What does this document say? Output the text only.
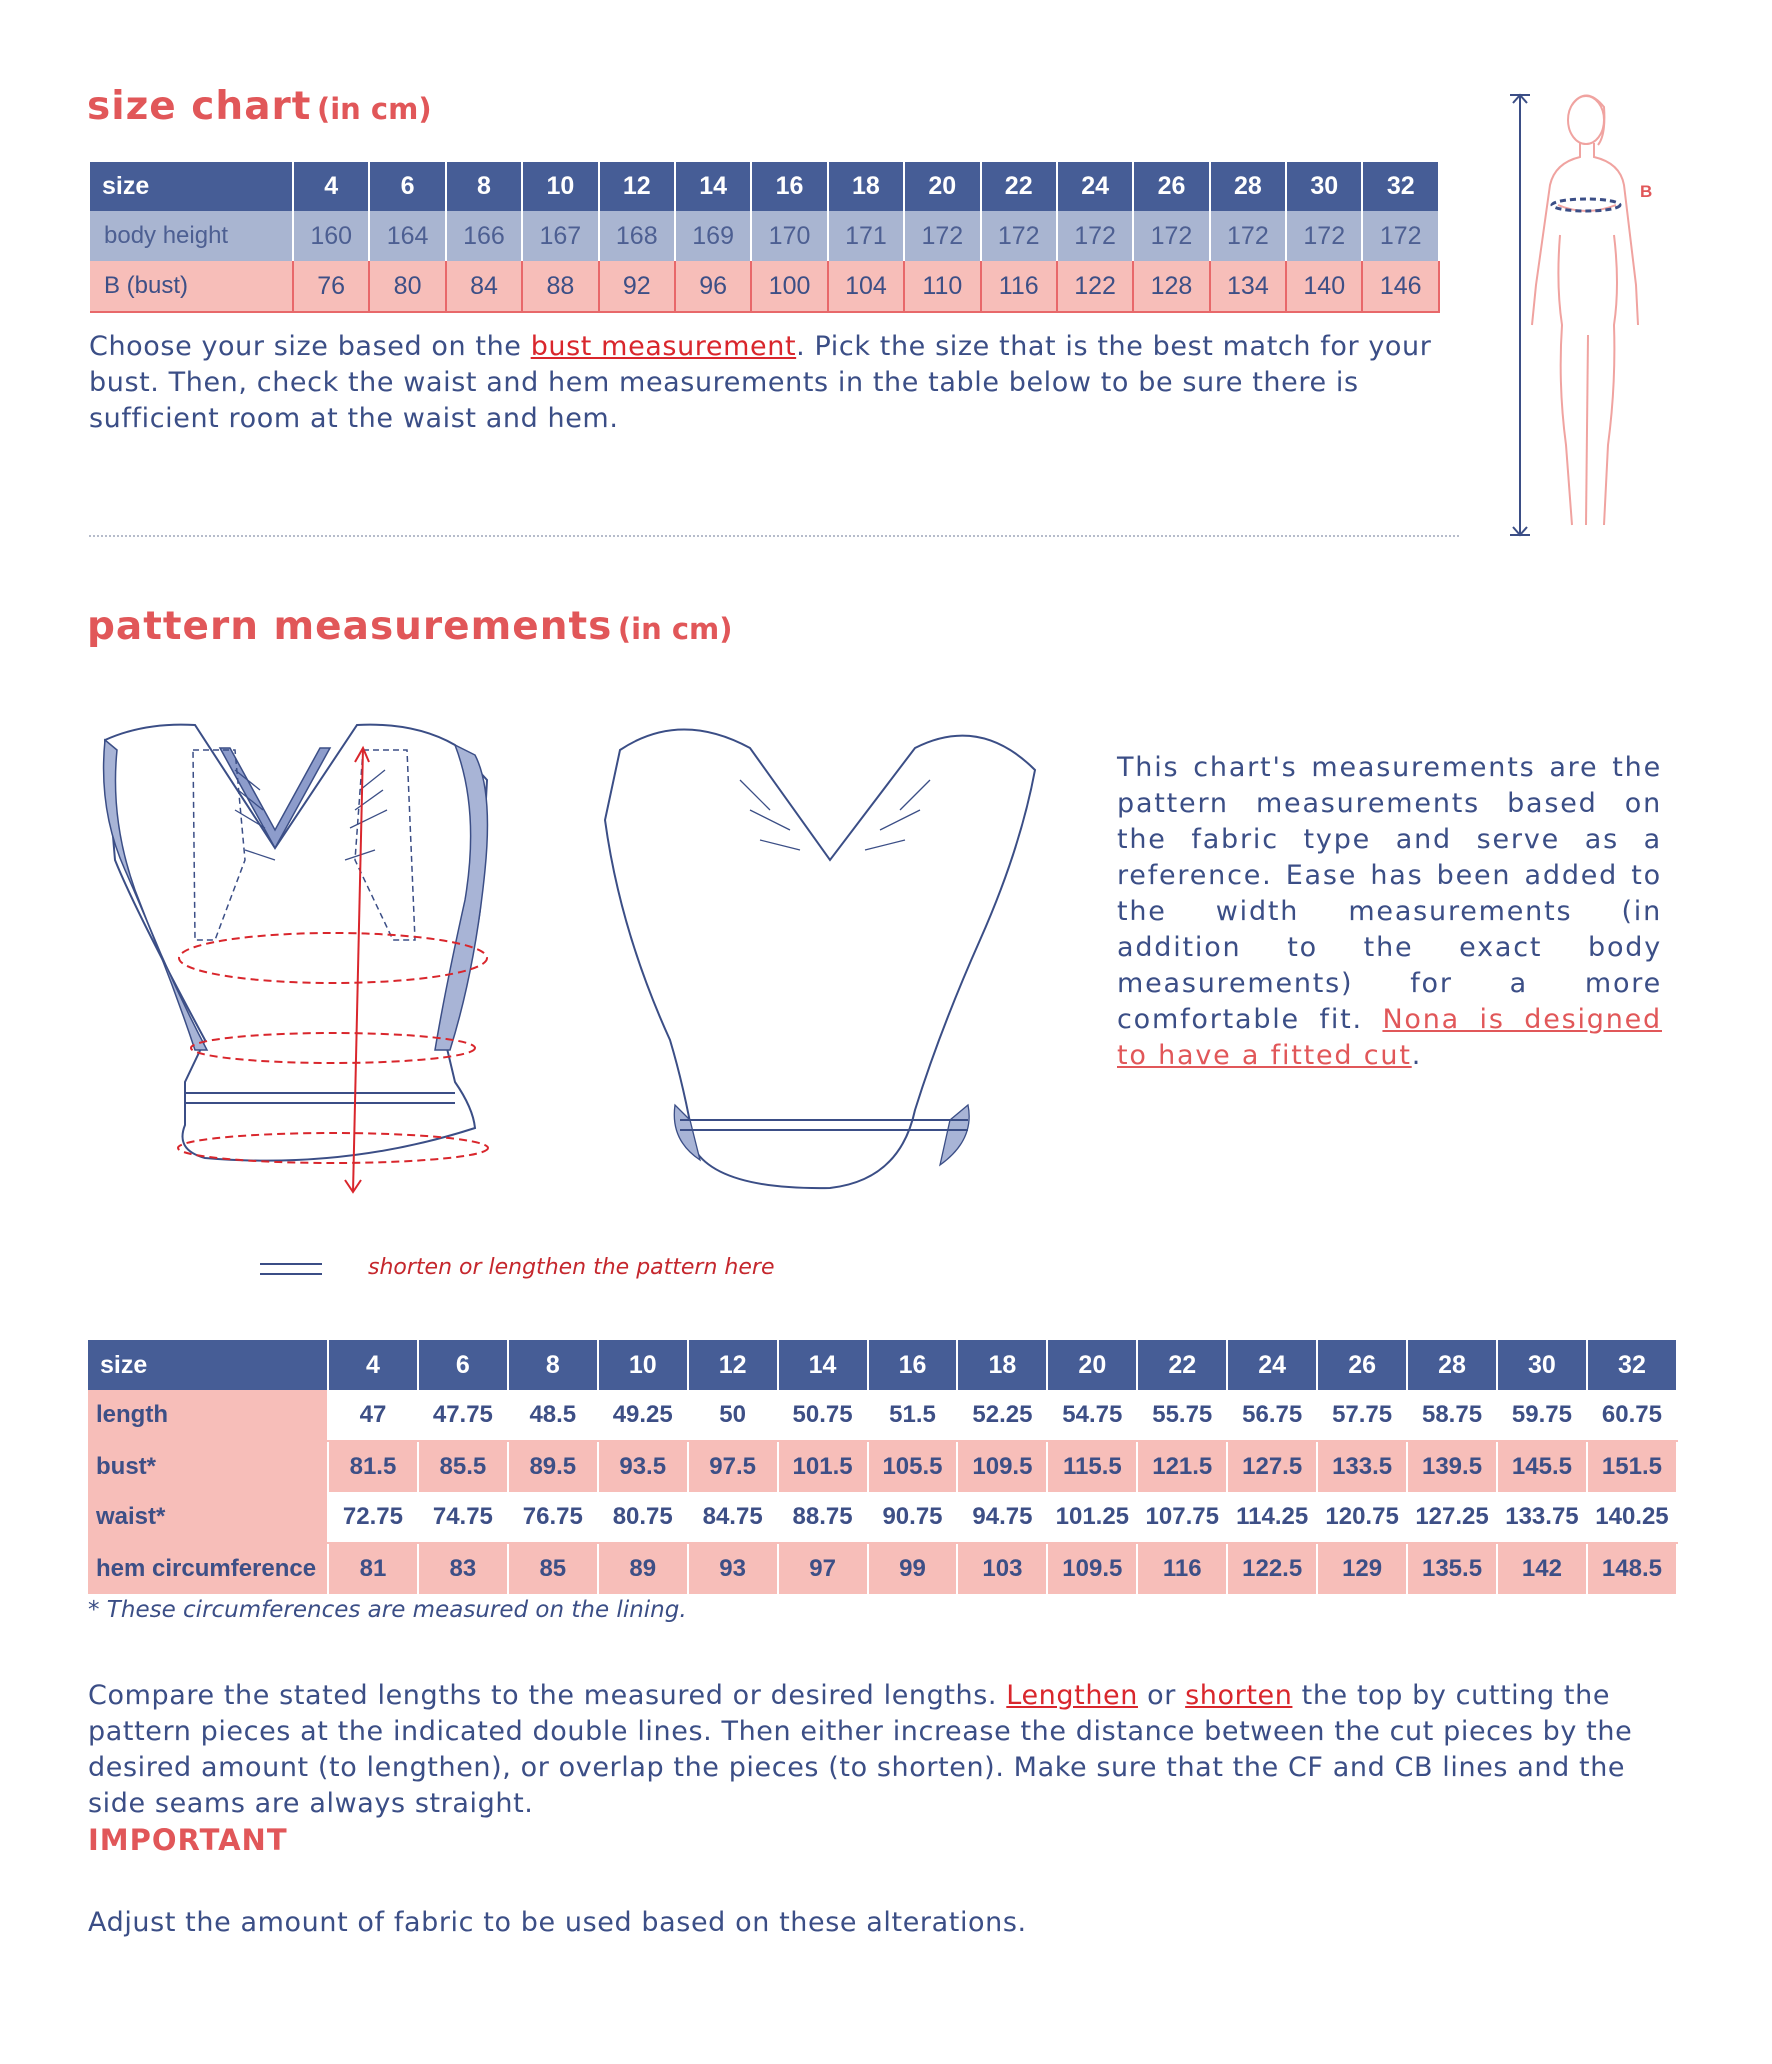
size chart (in cm)
size	4	6	8	10	12	14	16	18	20	22	24	26	28	30	32
body height	160	164	166	167	168	169	170	171	172	172	172	172	172	172	172
B (bust)	76	80	84	88	92	96	100	104	110	116	122	128	134	140	146
Choose your size based on the bust measurement. Pick the size that is the best match for your bust. Then, check the waist and hem measurements in the table below to be sure there is sufficient room at the waist and hem.
B
pattern measurements (in cm)
This chart's measurements are the pattern measurements based on the fabric type and serve as a reference. Ease has been added to the width measurements (in addition to the exact body measurements) for a more comfortable fit. Nona is designed to have a fitted cut.
shorten or lengthen the pattern here
size	4	6	8	10	12	14	16	18	20	22	24	26	28	30	32
length	47	47.75	48.5	49.25	50	50.75	51.5	52.25	54.75	55.75	56.75	57.75	58.75	59.75	60.75
bust*	81.5	85.5	89.5	93.5	97.5	101.5	105.5	109.5	115.5	121.5	127.5	133.5	139.5	145.5	151.5
waist*	72.75	74.75	76.75	80.75	84.75	88.75	90.75	94.75	101.25	107.75	114.25	120.75	127.25	133.75	140.25
hem circumference	81	83	85	89	93	97	99	103	109.5	116	122.5	129	135.5	142	148.5
* These circumferences are measured on the lining.
Compare the stated lengths to the measured or desired lengths. Lengthen or shorten the top by cutting the pattern pieces at the indicated double lines. Then either increase the distance between the cut pieces by the desired amount (to lengthen), or overlap the pieces (to shorten). Make sure that the CF and CB lines and the side seams are always straight.
IMPORTANT
Adjust the amount of fabric to be used based on these alterations.
